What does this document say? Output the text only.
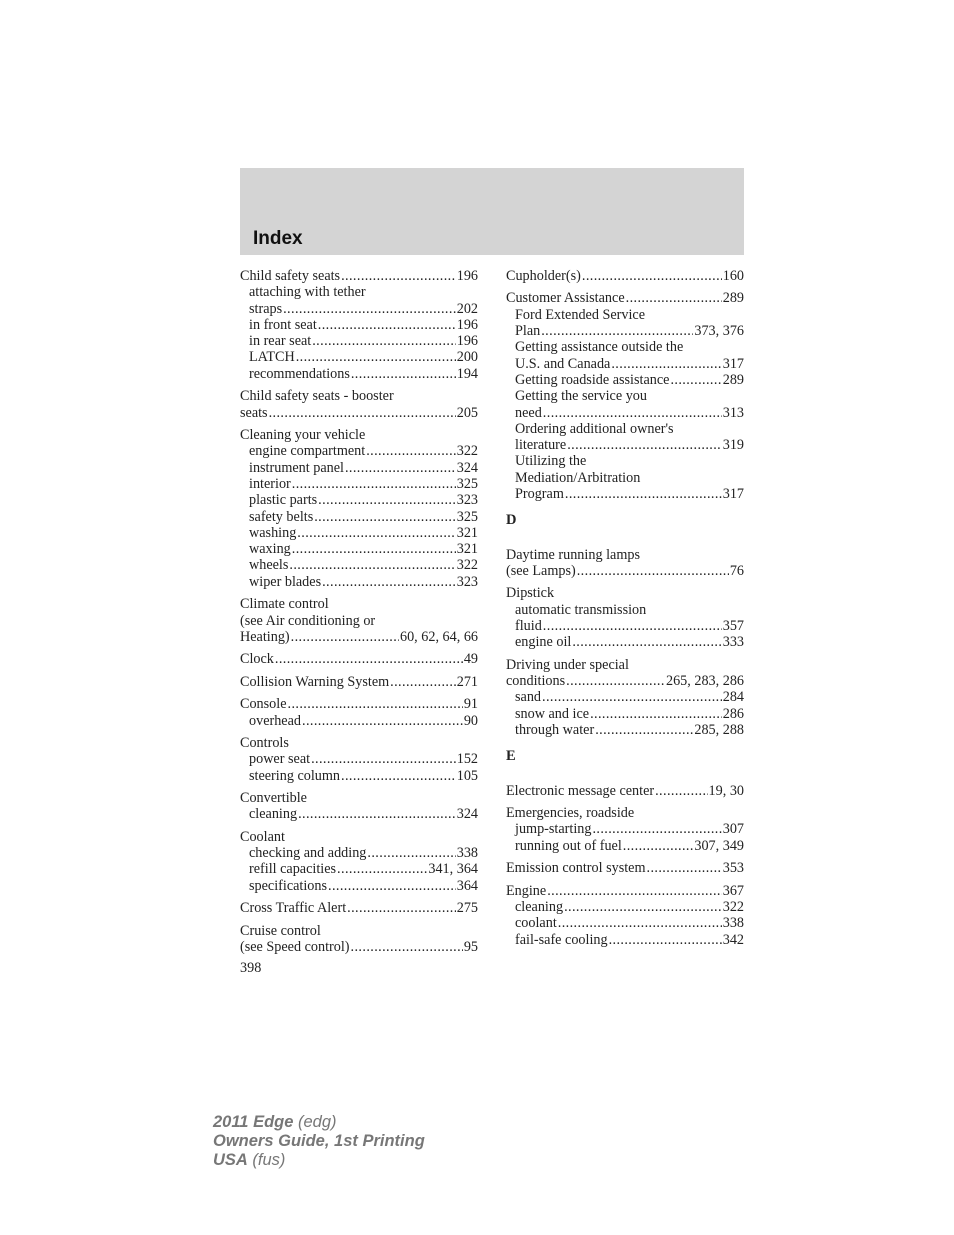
Index
Child safety seats .....	196
attaching with tether
straps .....	202
in front seat .....	196
in rear seat .....	196
LATCH .....	200
recommendations .....	194
Child safety seats - booster
seats .....	205
Cleaning your vehicle
engine compartment .....	322
instrument panel .....	324
interior .....	325
plastic parts .....	323
safety belts .....	325
washing .....	321
waxing .....	321
wheels .....	322
wiper blades .....	323
Climate control
(see Air conditioning or
Heating) .....	60, 62, 64, 66
Clock .....	49
Collision Warning System .....	271
Console .....	91
overhead .....	90
Controls
power seat .....	152
steering column .....	105
Convertible
cleaning .....	324
Coolant
checking and adding .....	338
refill capacities .....	341, 364
specifications .....	364
Cross Traffic Alert .....	275
Cruise control
(see Speed control) .....	95
Cupholder(s) .....	160
Customer Assistance .....	289
Ford Extended Service
Plan .....	373, 376
Getting assistance outside the
U.S. and Canada .....	317
Getting roadside assistance .....	289
Getting the service you
need .....	313
Ordering additional owner's
literature .....	319
Utilizing the
Mediation/Arbitration
Program .....	317
D
Daytime running lamps
(see Lamps) .....	76
Dipstick
automatic transmission
fluid .....	357
engine oil .....	333
Driving under special
conditions .....	265, 283, 286
sand .....	284
snow and ice .....	286
through water .....	285, 288
E
Electronic message center .....	19, 30
Emergencies, roadside
jump-starting .....	307
running out of fuel .....	307, 349
Emission control system .....	353
Engine .....	367
cleaning .....	322
coolant .....	338
fail-safe cooling .....	342
398
2011 Edge (edg)
Owners Guide, 1st Printing
USA (fus)
